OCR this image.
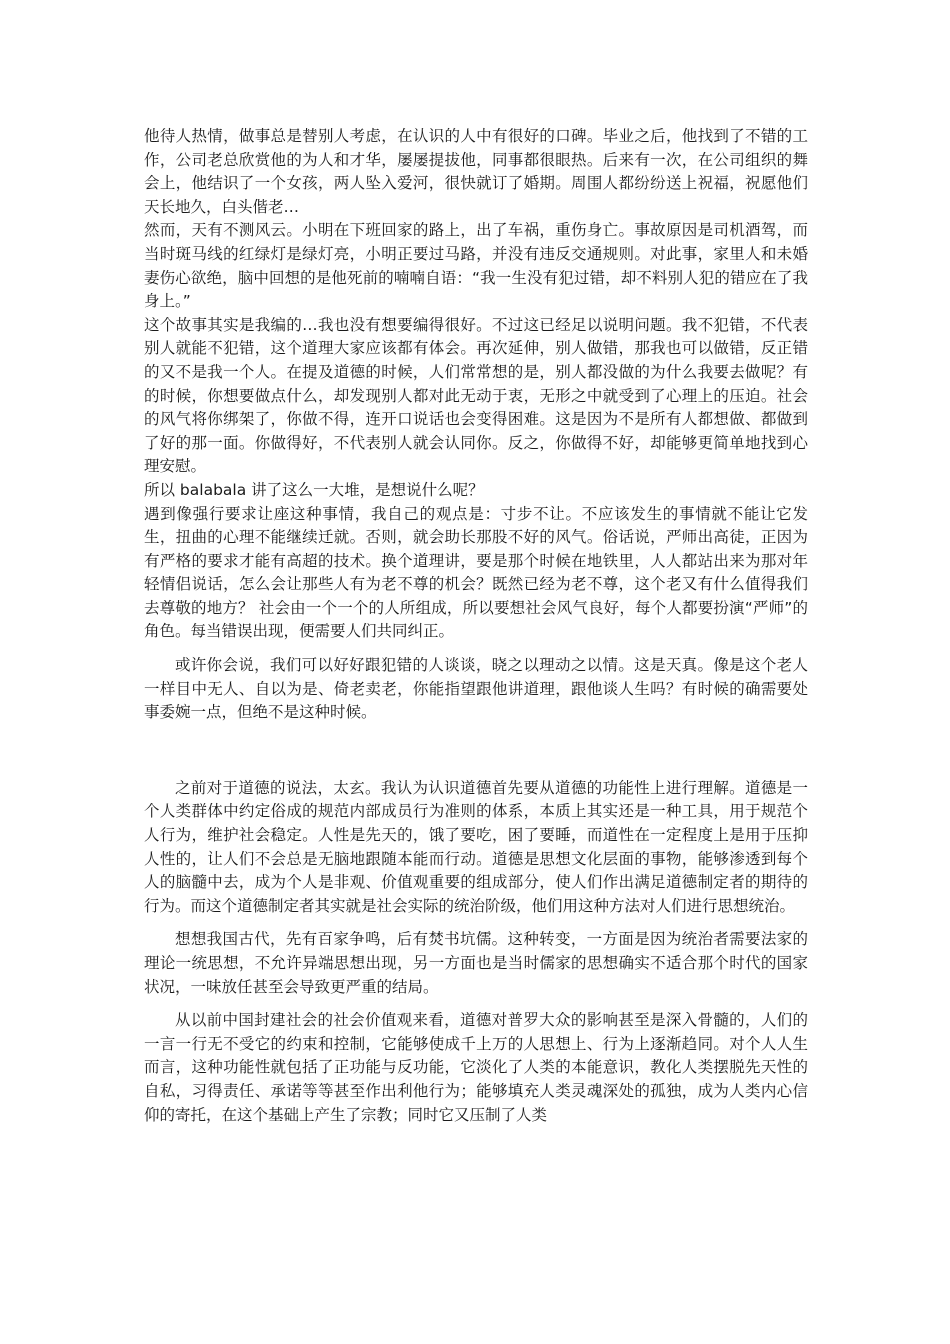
他待人热情，做事总是替别人考虑，在认识的人中有很好的口碑。毕业之后，他找到了不错的工作，公司老总欣赏他的为人和才华，屡屡提拔他，同事都很眼热。后来有一次，在公司组织的舞会上，他结识了一个女孩，两人坠入爱河，很快就订了婚期。周围人都纷纷送上祝福，祝愿他们天长地久，白头偕老…

然而，天有不测风云。小明在下班回家的路上，出了车祸，重伤身亡。事故原因是司机酒驾，而当时斑马线的红绿灯是绿灯亮，小明正要过马路，并没有违反交通规则。对此事，家里人和未婚妻伤心欲绝，脑中回想的是他死前的喃喃自语：“我一生没有犯过错，却不料别人犯的错应在了我身上。”

这个故事其实是我编的…我也没有想要编得很好。不过这已经足以说明问题。我不犯错，不代表别人就能不犯错，这个道理大家应该都有体会。再次延伸，别人做错，那我也可以做错，反正错的又不是我一个人。在提及道德的时候，人们常常想的是，别人都没做的为什么我要去做呢？有的时候，你想要做点什么，却发现别人都对此无动于衷，无形之中就受到了心理上的压迫。社会的风气将你绑架了，你做不得，连开口说话也会变得困难。这是因为不是所有人都想做、都做到了好的那一面。你做得好，不代表别人就会认同你。反之，你做得不好，却能够更简单地找到心理安慰。

所以 balabala 讲了这么一大堆，是想说什么呢？

遇到像强行要求让座这种事情，我自己的观点是：寸步不让。不应该发生的事情就不能让它发生，扭曲的心理不能继续迁就。否则，就会助长那股不好的风气。俗话说，严师出高徒，正因为有严格的要求才能有高超的技术。换个道理讲，要是那个时候在地铁里，人人都站出来为那对年轻情侣说话，怎么会让那些人有为老不尊的机会？既然已经为老不尊，这个老又有什么值得我们去尊敬的地方？ 社会由一个一个的人所组成，所以要想社会风气良好，每个人都要扮演“严师”的角色。每当错误出现，便需要人们共同纠正。

或许你会说，我们可以好好跟犯错的人谈谈，晓之以理动之以情。这是天真。像是这个老人一样目中无人、自以为是、倚老卖老，你能指望跟他讲道理，跟他谈人生吗？有时候的确需要处事委婉一点，但绝不是这种时候。

之前对于道德的说法，太玄。我认为认识道德首先要从道德的功能性上进行理解。道德是一个人类群体中约定俗成的规范内部成员行为准则的体系，本质上其实还是一种工具，用于规范个人行为，维护社会稳定。人性是先天的，饿了要吃，困了要睡，而道性在一定程度上是用于压抑人性的，让人们不会总是无脑地跟随本能而行动。道德是思想文化层面的事物，能够渗透到每个人的脑髓中去，成为个人是非观、价值观重要的组成部分，使人们作出满足道德制定者的期待的行为。而这个道德制定者其实就是社会实际的统治阶级，他们用这种方法对人们进行思想统治。

想想我国古代，先有百家争鸣，后有焚书坑儒。这种转变，一方面是因为统治者需要法家的理论一统思想，不允许异端思想出现，另一方面也是当时儒家的思想确实不适合那个时代的国家状况，一味放任甚至会导致更严重的结局。

从以前中国封建社会的社会价值观来看，道德对普罗大众的影响甚至是深入骨髓的，人们的一言一行无不受它的约束和控制，它能够使成千上万的人思想上、行为上逐渐趋同。对个人人生而言，这种功能性就包括了正功能与反功能，它淡化了人类的本能意识，教化人类摆脱先天性的自私，习得责任、承诺等等甚至作出利他行为；能够填充人类灵魂深处的孤独，成为人类内心信仰的寄托，在这个基础上产生了宗教；同时它又压制了人类
